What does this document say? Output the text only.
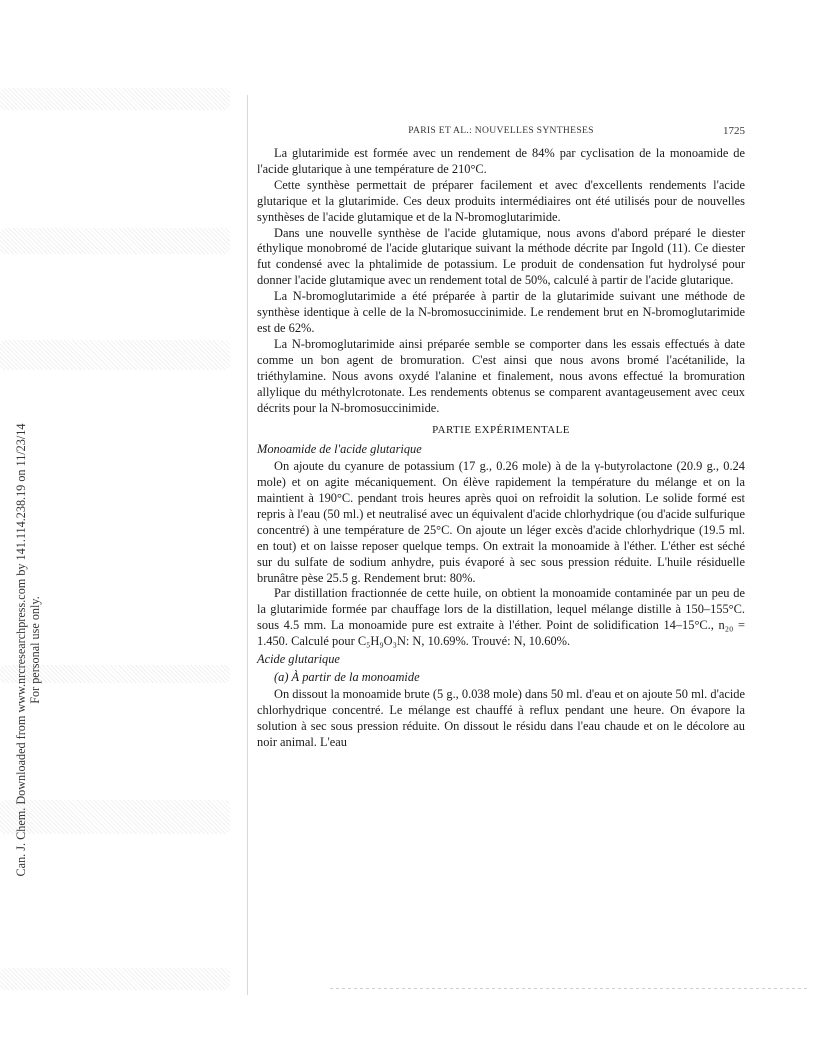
Can. J. Chem. Downloaded from www.nrcresearchpress.com by 141.114.238.19 on 11/23/14 For personal use only.
PARIS ET AL.: NOUVELLES SYNTHESES	1725

La glutarimide est formée avec un rendement de 84% par cyclisation de la monoamide de l'acide glutarique à une température de 210°C.

Cette synthèse permettait de préparer facilement et avec d'excellents rendements l'acide glutarique et la glutarimide. Ces deux produits intermédiaires ont été utilisés pour de nouvelles synthèses de l'acide glutamique et de la N-bromoglutarimide.

Dans une nouvelle synthèse de l'acide glutamique, nous avons d'abord préparé le diester éthylique monobromé de l'acide glutarique suivant la méthode décrite par Ingold (11). Ce diester fut condensé avec la phtalimide de potassium. Le produit de condensation fut hydrolysé pour donner l'acide glutamique avec un rendement total de 50%, calculé à partir de l'acide glutarique.

La N-bromoglutarimide a été préparée à partir de la glutarimide suivant une méthode de synthèse identique à celle de la N-bromosuccinimide. Le rendement brut en N-bromoglutarimide est de 62%.

La N-bromoglutarimide ainsi préparée semble se comporter dans les essais effectués à date comme un bon agent de bromuration. C'est ainsi que nous avons bromé l'acétanilide, la triéthylamine. Nous avons oxydé l'alanine et finalement, nous avons effectué la bromuration allylique du méthylcrotonate. Les rendements obtenus se comparent avantageusement avec ceux décrits pour la N-bromosuccinimide.

PARTIE EXPÉRIMENTALE

Monoamide de l'acide glutarique

On ajoute du cyanure de potassium (17 g., 0.26 mole) à de la γ-butyrolactone (20.9 g., 0.24 mole) et on agite mécaniquement. On élève rapidement la température du mélange et on la maintient à 190°C. pendant trois heures après quoi on refroidit la solution. Le solide formé est repris à l'eau (50 ml.) et neutralisé avec un équivalent d'acide chlorhydrique (ou d'acide sulfurique concentré) à une température de 25°C. On ajoute un léger excès d'acide chlorhydrique (19.5 ml. en tout) et on laisse reposer quelque temps. On extrait la monoamide à l'éther. L'éther est séché sur du sulfate de sodium anhydre, puis évaporé à sec sous pression réduite. L'huile résiduelle brunâtre pèse 25.5 g. Rendement brut: 80%.

Par distillation fractionnée de cette huile, on obtient la monoamide contaminée par un peu de la glutarimide formée par chauffage lors de la distillation, lequel mélange distille à 150–155°C. sous 4.5 mm. La monoamide pure est extraite à l'éther. Point de solidification 14–15°C., n₂₀ = 1.450. Calculé pour C₅H₉O₃N: N, 10.69%. Trouvé: N, 10.60%.

Acide glutarique

(a) À partir de la monoamide

On dissout la monoamide brute (5 g., 0.038 mole) dans 50 ml. d'eau et on ajoute 50 ml. d'acide chlorhydrique concentré. Le mélange est chauffé à reflux pendant une heure. On évapore la solution à sec sous pression réduite. On dissout le résidu dans l'eau chaude et on le décolore au noir animal. L'eau
